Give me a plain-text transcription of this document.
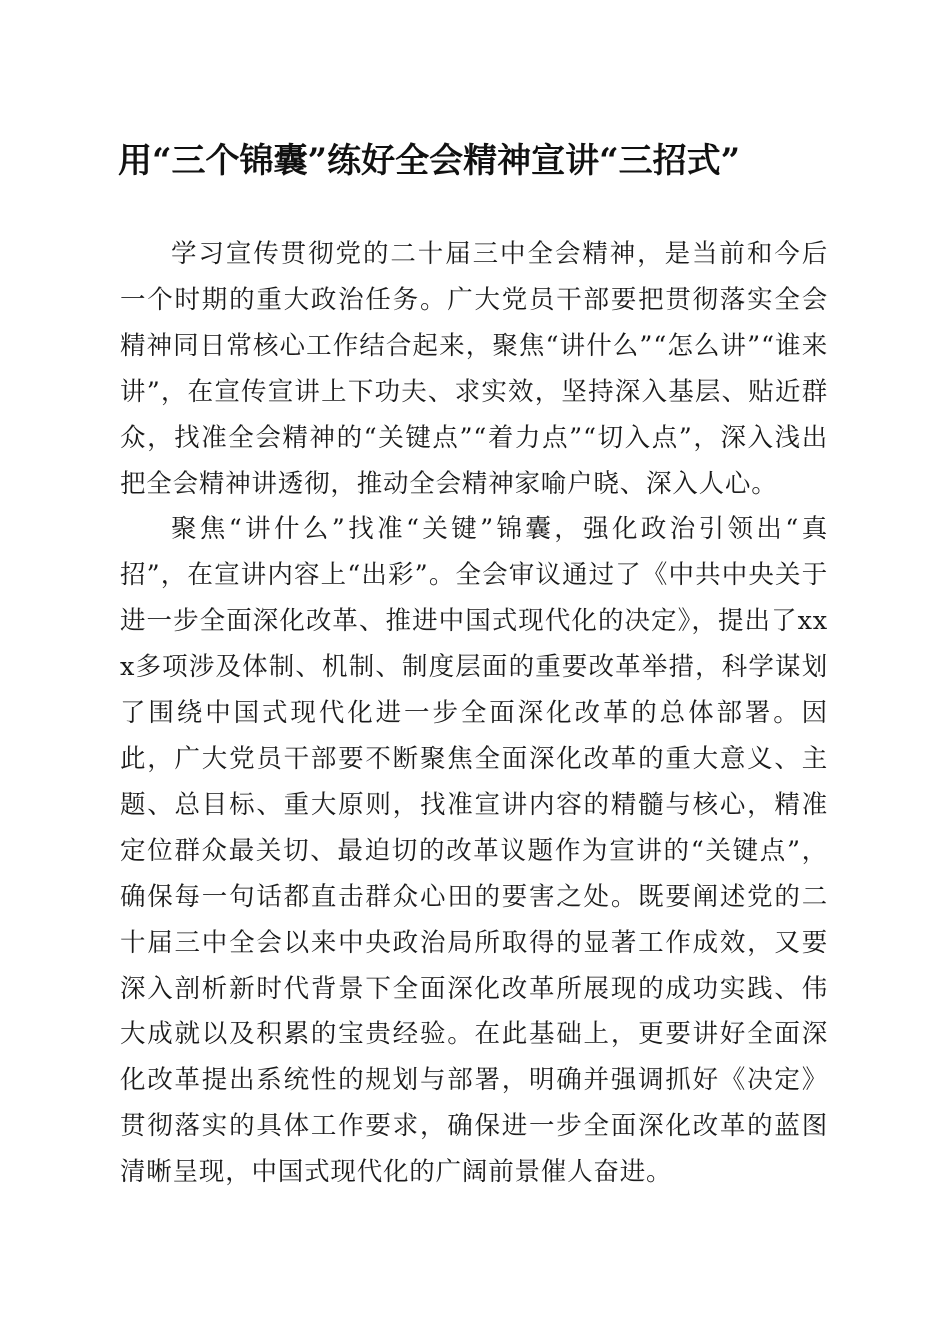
用“三个锦囊”练好全会精神宣讲“三招式”

学习宣传贯彻党的二十届三中全会精神，是当前和今后一个时期的重大政治任务。广大党员干部要把贯彻落实全会精神同日常核心工作结合起来，聚焦“讲什么”“怎么讲”“谁来讲”，在宣传宣讲上下功夫、求实效，坚持深入基层、贴近群众，找准全会精神的“关键点”“着力点”“切入点”，深入浅出把全会精神讲透彻，推动全会精神家喻户晓、深入人心。

聚焦“讲什么”找准“关键”锦囊，强化政治引领出“真招”，在宣讲内容上“出彩”。全会审议通过了《中共中央关于进一步全面深化改革、推进中国式现代化的决定》，提出了xxx多项涉及体制、机制、制度层面的重要改革举措，科学谋划了围绕中国式现代化进一步全面深化改革的总体部署。因此，广大党员干部要不断聚焦全面深化改革的重大意义、主题、总目标、重大原则，找准宣讲内容的精髓与核心，精准定位群众最关切、最迫切的改革议题作为宣讲的“关键点”，确保每一句话都直击群众心田的要害之处。既要阐述党的二十届三中全会以来中央政治局所取得的显著工作成效，又要深入剖析新时代背景下全面深化改革所展现的成功实践、伟大成就以及积累的宝贵经验。在此基础上，更要讲好全面深化改革提出系统性的规划与部署，明确并强调抓好《决定》贯彻落实的具体工作要求，确保进一步全面深化改革的蓝图清晰呈现，中国式现代化的广阔前景催人奋进。
